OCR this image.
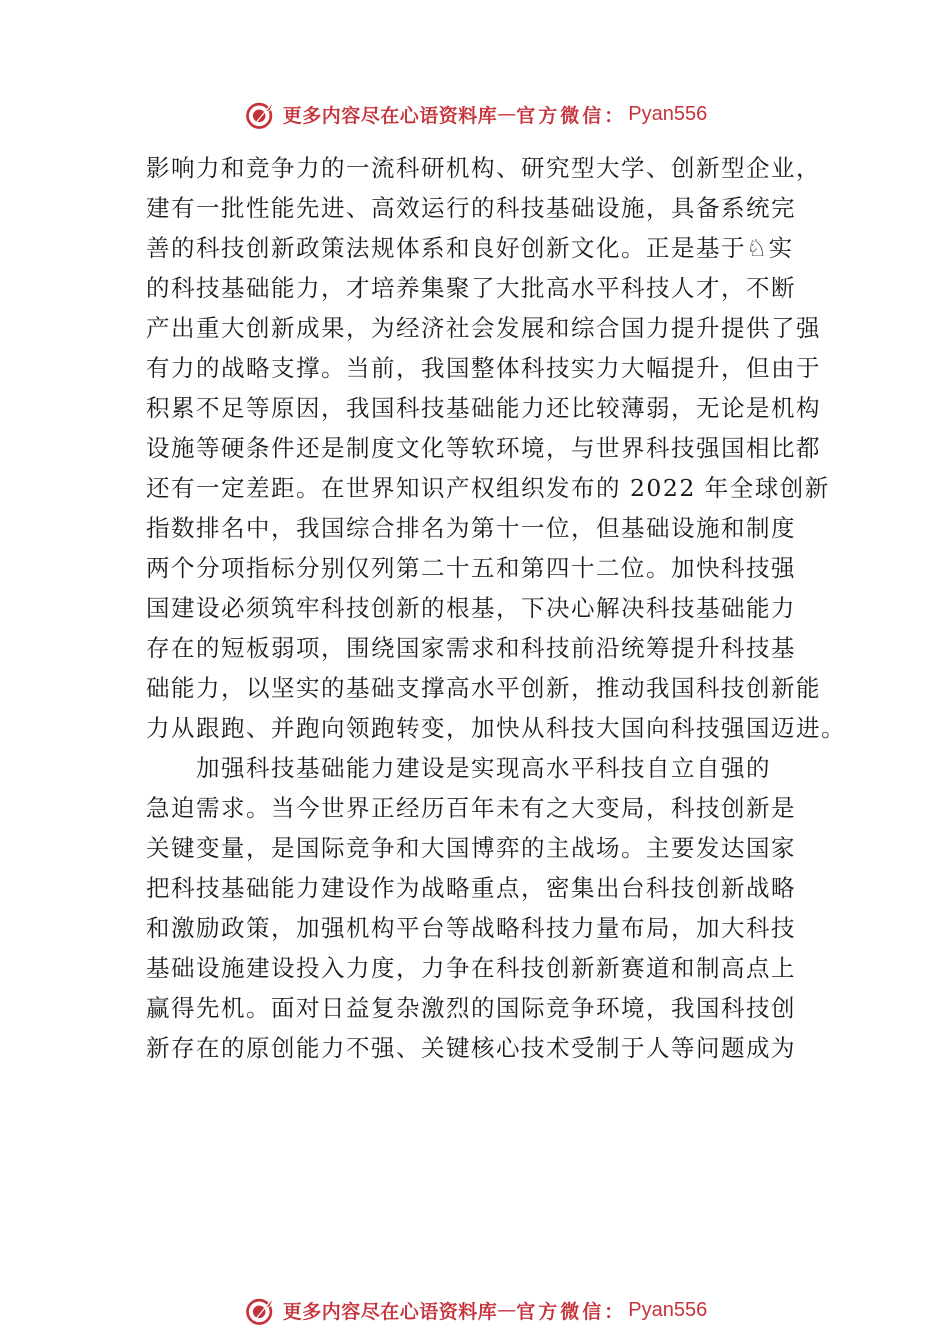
更多内容尽在心语资料库 — 官方微信： Pyan556
影响力和竞争力的一流科研机构、研究型大学、创新型企业，
建有一批性能先进、高效运行的科技基础设施，具备系统完
善的科技创新政策法规体系和良好创新文化。正是基于♘实
的科技基础能力，才培养集聚了大批高水平科技人才，不断
产出重大创新成果，为经济社会发展和综合国力提升提供了强
有力的战略支撑。当前，我国整体科技实力大幅提升，但由于
积累不足等原因，我国科技基础能力还比较薄弱，无论是机构
设施等硬条件还是制度文化等软环境，与世界科技强国相比都
还有一定差距。在世界知识产权组织发布的 2022 年全球创新
指数排名中，我国综合排名为第十一位，但基础设施和制度
两个分项指标分别仅列第二十五和第四十二位。加快科技强
国建设必须筑牢科技创新的根基，下决心解决科技基础能力
存在的短板弱项，围绕国家需求和科技前沿统筹提升科技基
础能力，以坚实的基础支撑高水平创新，推动我国科技创新能
力从跟跑、并跑向领跑转变，加快从科技大国向科技强国迈进。
加强科技基础能力建设是实现高水平科技自立自强的
急迫需求。当今世界正经历百年未有之大变局，科技创新是
关键变量，是国际竞争和大国博弈的主战场。主要发达国家
把科技基础能力建设作为战略重点，密集出台科技创新战略
和激励政策，加强机构平台等战略科技力量布局，加大科技
基础设施建设投入力度，力争在科技创新新赛道和制高点上
赢得先机。面对日益复杂激烈的国际竞争环境，我国科技创
新存在的原创能力不强、关键核心技术受制于人等问题成为
更多内容尽在心语资料库 — 官方微信： Pyan556
